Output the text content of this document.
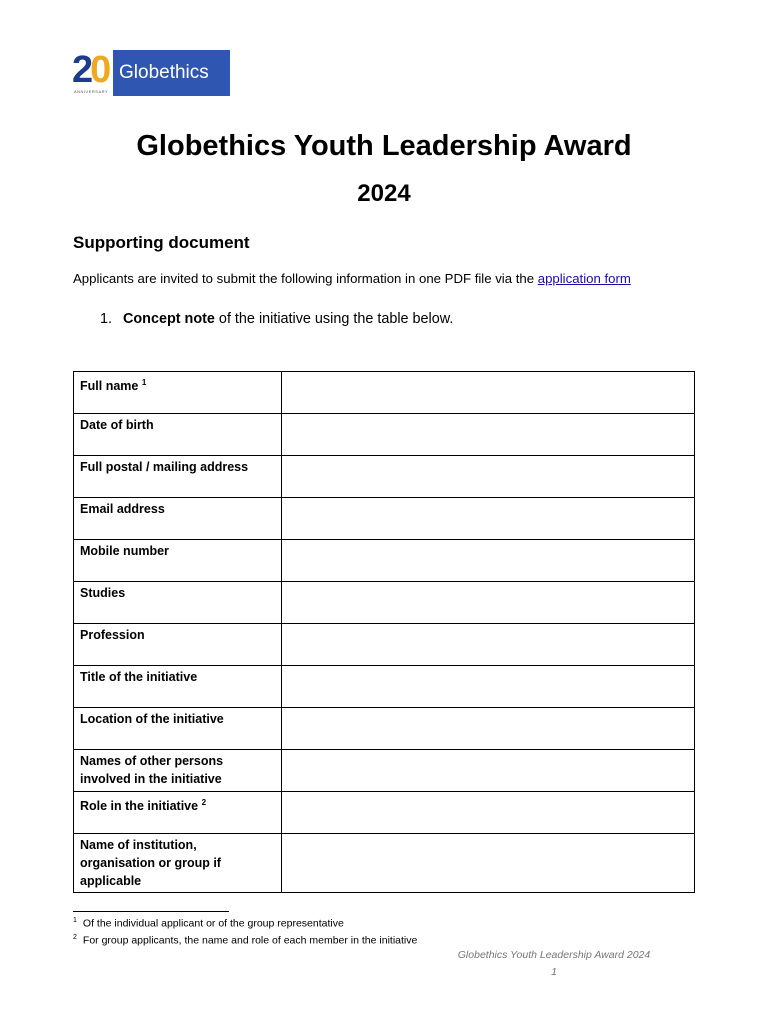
20
ANNIVERSARY
Globethics
Globethics Youth Leadership Award
2024
Supporting document
Applicants are invited to submit the following information in one PDF file via the application form
1. Concept note of the initiative using the table below.
Full name $^1$	
Date of birth	
Full postal / mailing address	
Email address	
Mobile number	
Studies	
Profession	
Title of the initiative	
Location of the initiative	
Names of other persons involved in the initiative	
Role in the initiative $^2$	
Name of institution, organisation or group if applicable	
$^1$ Of the individual applicant or of the group representative
$^2$ For group applicants, the name and role of each member in the initiative
Globethics Youth Leadership Award 2024
1
